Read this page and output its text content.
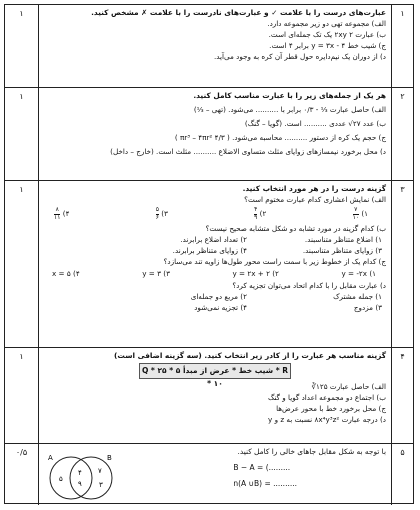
۱	عبارت‌های درست را با علامت ✓ و عبارت‌های نادرست را با علامت ✗ مشخص کنید.
الف) مجموعه تهی دو زیر مجموعه دارد.
ب) عبارت ۲xy ۲ یک تک جمله‌ای است.
ج) شیب خط y = ۳x - ۴ برابر ۴ است.
د) از دوران یک نیم‌دایره حول قطر آن کره به وجود می‌آید.
۱
۱	هر یک از جمله‌های زیر را با عبارت مناسب کامل کنید.
الف) حاصل عبارت ⅓ - ۰/۳ برابر با .......... می‌شود. (تهی – ⅓)
ب) عدد ۲۷√ عددی .......... است. (گویا – گنگ)
ج) حجم یک کره از دستور .......... محاسبه می‌شود. ( ۴/۳ πr³ – ۴πr² )
د) محل برخورد نیمسازهای زوایای مثلث متساوی الاضلاع .......... مثلث است. (خارج – داخل)
۲
۱	گزینه درست را در هر مورد انتخاب کنید.
الف) نمایش اعشاری کدام عبارت مختوم است؟
۱)
$\frac{۷}{۱۰}$
۲)
$\frac{۴}{۹}$
۳)
$\frac{۵}{۶}$
۴)
$\frac{۸}{۱۱}$
ب) کدام گزینه در مورد تشابه دو شکل متشابه صحیح نیست؟
۱) اضلاع متناظر متناسبند.
۲) تعداد اضلاع برابرند.
۳) زوایای متناظر متناسبند.
۴) زوایای متناظر برابرند.
ج) کدام یک از خطوط زیر با سمت راست محور طول‌ها زاویه تند می‌سازد؟
۱) y = -۲x
۲) y = ۲x + ۲
۳) y = ۳
۴) x = ۵
د) عبارت مقابل را با کدام اتحاد می‌توان تجزیه کرد؟
۱) جمله مشترک
۲) مربع دو جمله‌ای
۳) مزدوج
۴) تجزیه نمی‌شود
۳
۱	گزینه مناسب هر عبارت را از کادر زیر انتخاب کنید. (سه گزینه اضافی است)
Q * ۲۵ * ۵ شیب خط * عرض از مبدأ * R * ۱۰	الف) حاصل عبارت ۱۲۵∛
ب) اجتماع دو مجموعه اعداد گویا و گنگ
ج) محل برخورد خط با محور عرض‌ها
د) درجه عبارت ۸x⁴y³z² نسبت به z و y
۴
۰/۵	با توجه به شکل مقابل جاهای خالی را کامل کنید.
B − A = (.........
n(A ∪B) = ..........
A	B
۵
۴
۹
۷
۳
۵
